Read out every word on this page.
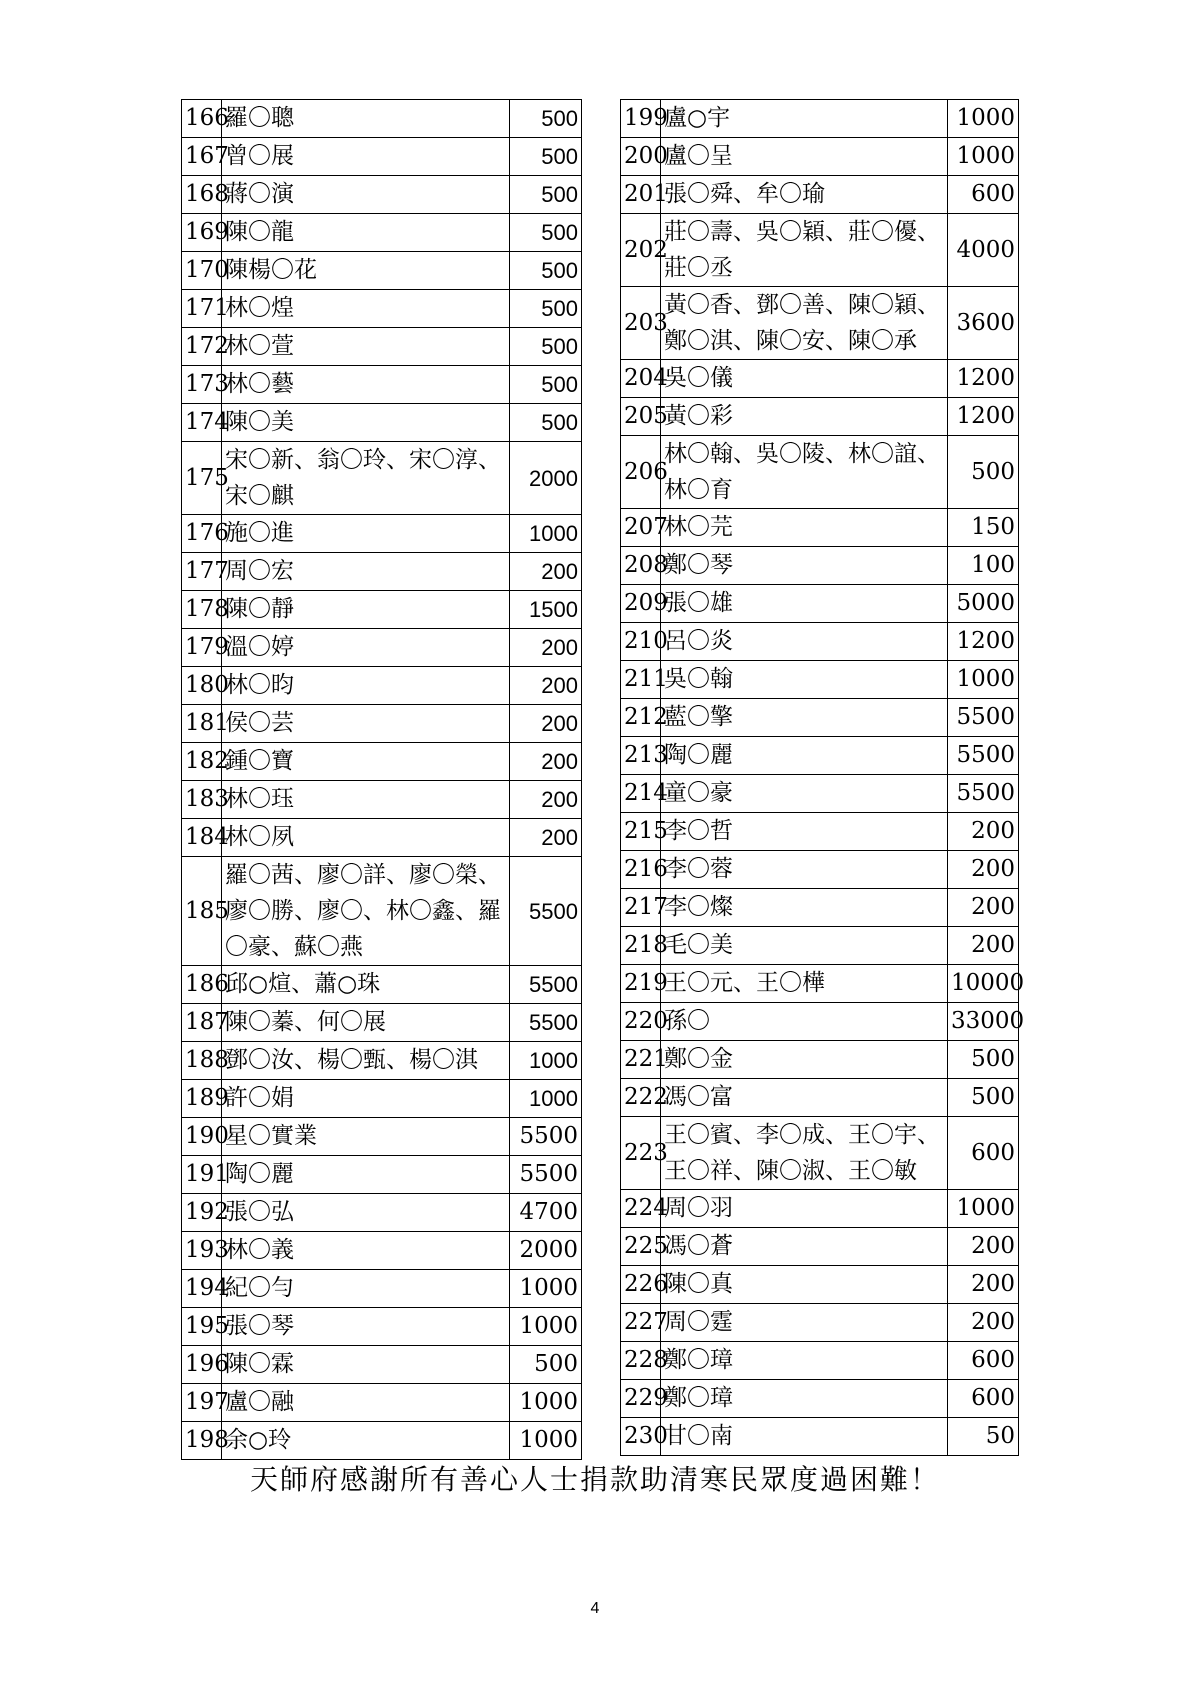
166	羅〇聰	500
167	曾〇展	500
168	蔣〇演	500
169	陳〇龍	500
170	陳楊〇花	500
171	林〇煌	500
172	林〇萱	500
173	林〇藝	500
174	陳〇美	500
175	宋〇新、翁〇玲、宋〇淳、
宋〇麒	2000
176	施〇進	1000
177	周〇宏	200
178	陳〇靜	1500
179	溫〇婷	200
180	林〇昀	200
181	侯〇芸	200
182	鍾〇寶	200
183	林〇珏	200
184	林〇夙	200
185	羅〇茜、廖〇詳、廖〇榮、
廖〇勝、廖〇、林〇鑫、羅
〇豪、蘇〇燕	5500
186	邱○煊、蕭○珠	5500
187	陳〇蓁、何〇展	5500
188	鄧〇汝、楊〇甄、楊〇淇	1000
189	許〇娟	1000
190	星〇實業	5500
191	陶〇麗	5500
192	張〇弘	4700
193	林〇義	2000
194	紀〇勻	1000
195	張〇琴	1000
196	陳〇霖	500
197	盧〇融	1000
198	余○玲	1000
199	盧○宇	1000
200	盧〇呈	1000
201	張〇舜、牟〇瑜	600
202	莊〇壽、吳〇穎、莊〇優、
莊〇丞	4000
203	黃〇香、鄧〇善、陳〇穎、
鄭〇淇、陳〇安、陳〇承	3600
204	吳〇儀	1200
205	黃〇彩	1200
206	林〇翰、吳〇陵、林〇誼、
林〇育	500
207	林〇芫	150
208	鄭〇琴	100
209	張〇雄	5000
210	呂〇炎	1200
211	吳〇翰	1000
212	藍〇擎	5500
213	陶〇麗	5500
214	童〇豪	5500
215	李〇哲	200
216	李〇蓉	200
217	李〇燦	200
218	毛〇美	200
219	王〇元、王〇樺	10000
220	孫〇	33000
221	鄭〇金	500
222	馮〇富	500
223	王〇賓、李〇成、王〇宇、
王〇祥、陳〇淑、王〇敏	600
224	周〇羽	1000
225	馮〇蒼	200
226	陳〇真	200
227	周〇霆	200
228	鄭〇璋	600
229	鄭〇璋	600
230	甘〇南	50
天師府感謝所有善心人士捐款助清寒民眾度過困難！
4
